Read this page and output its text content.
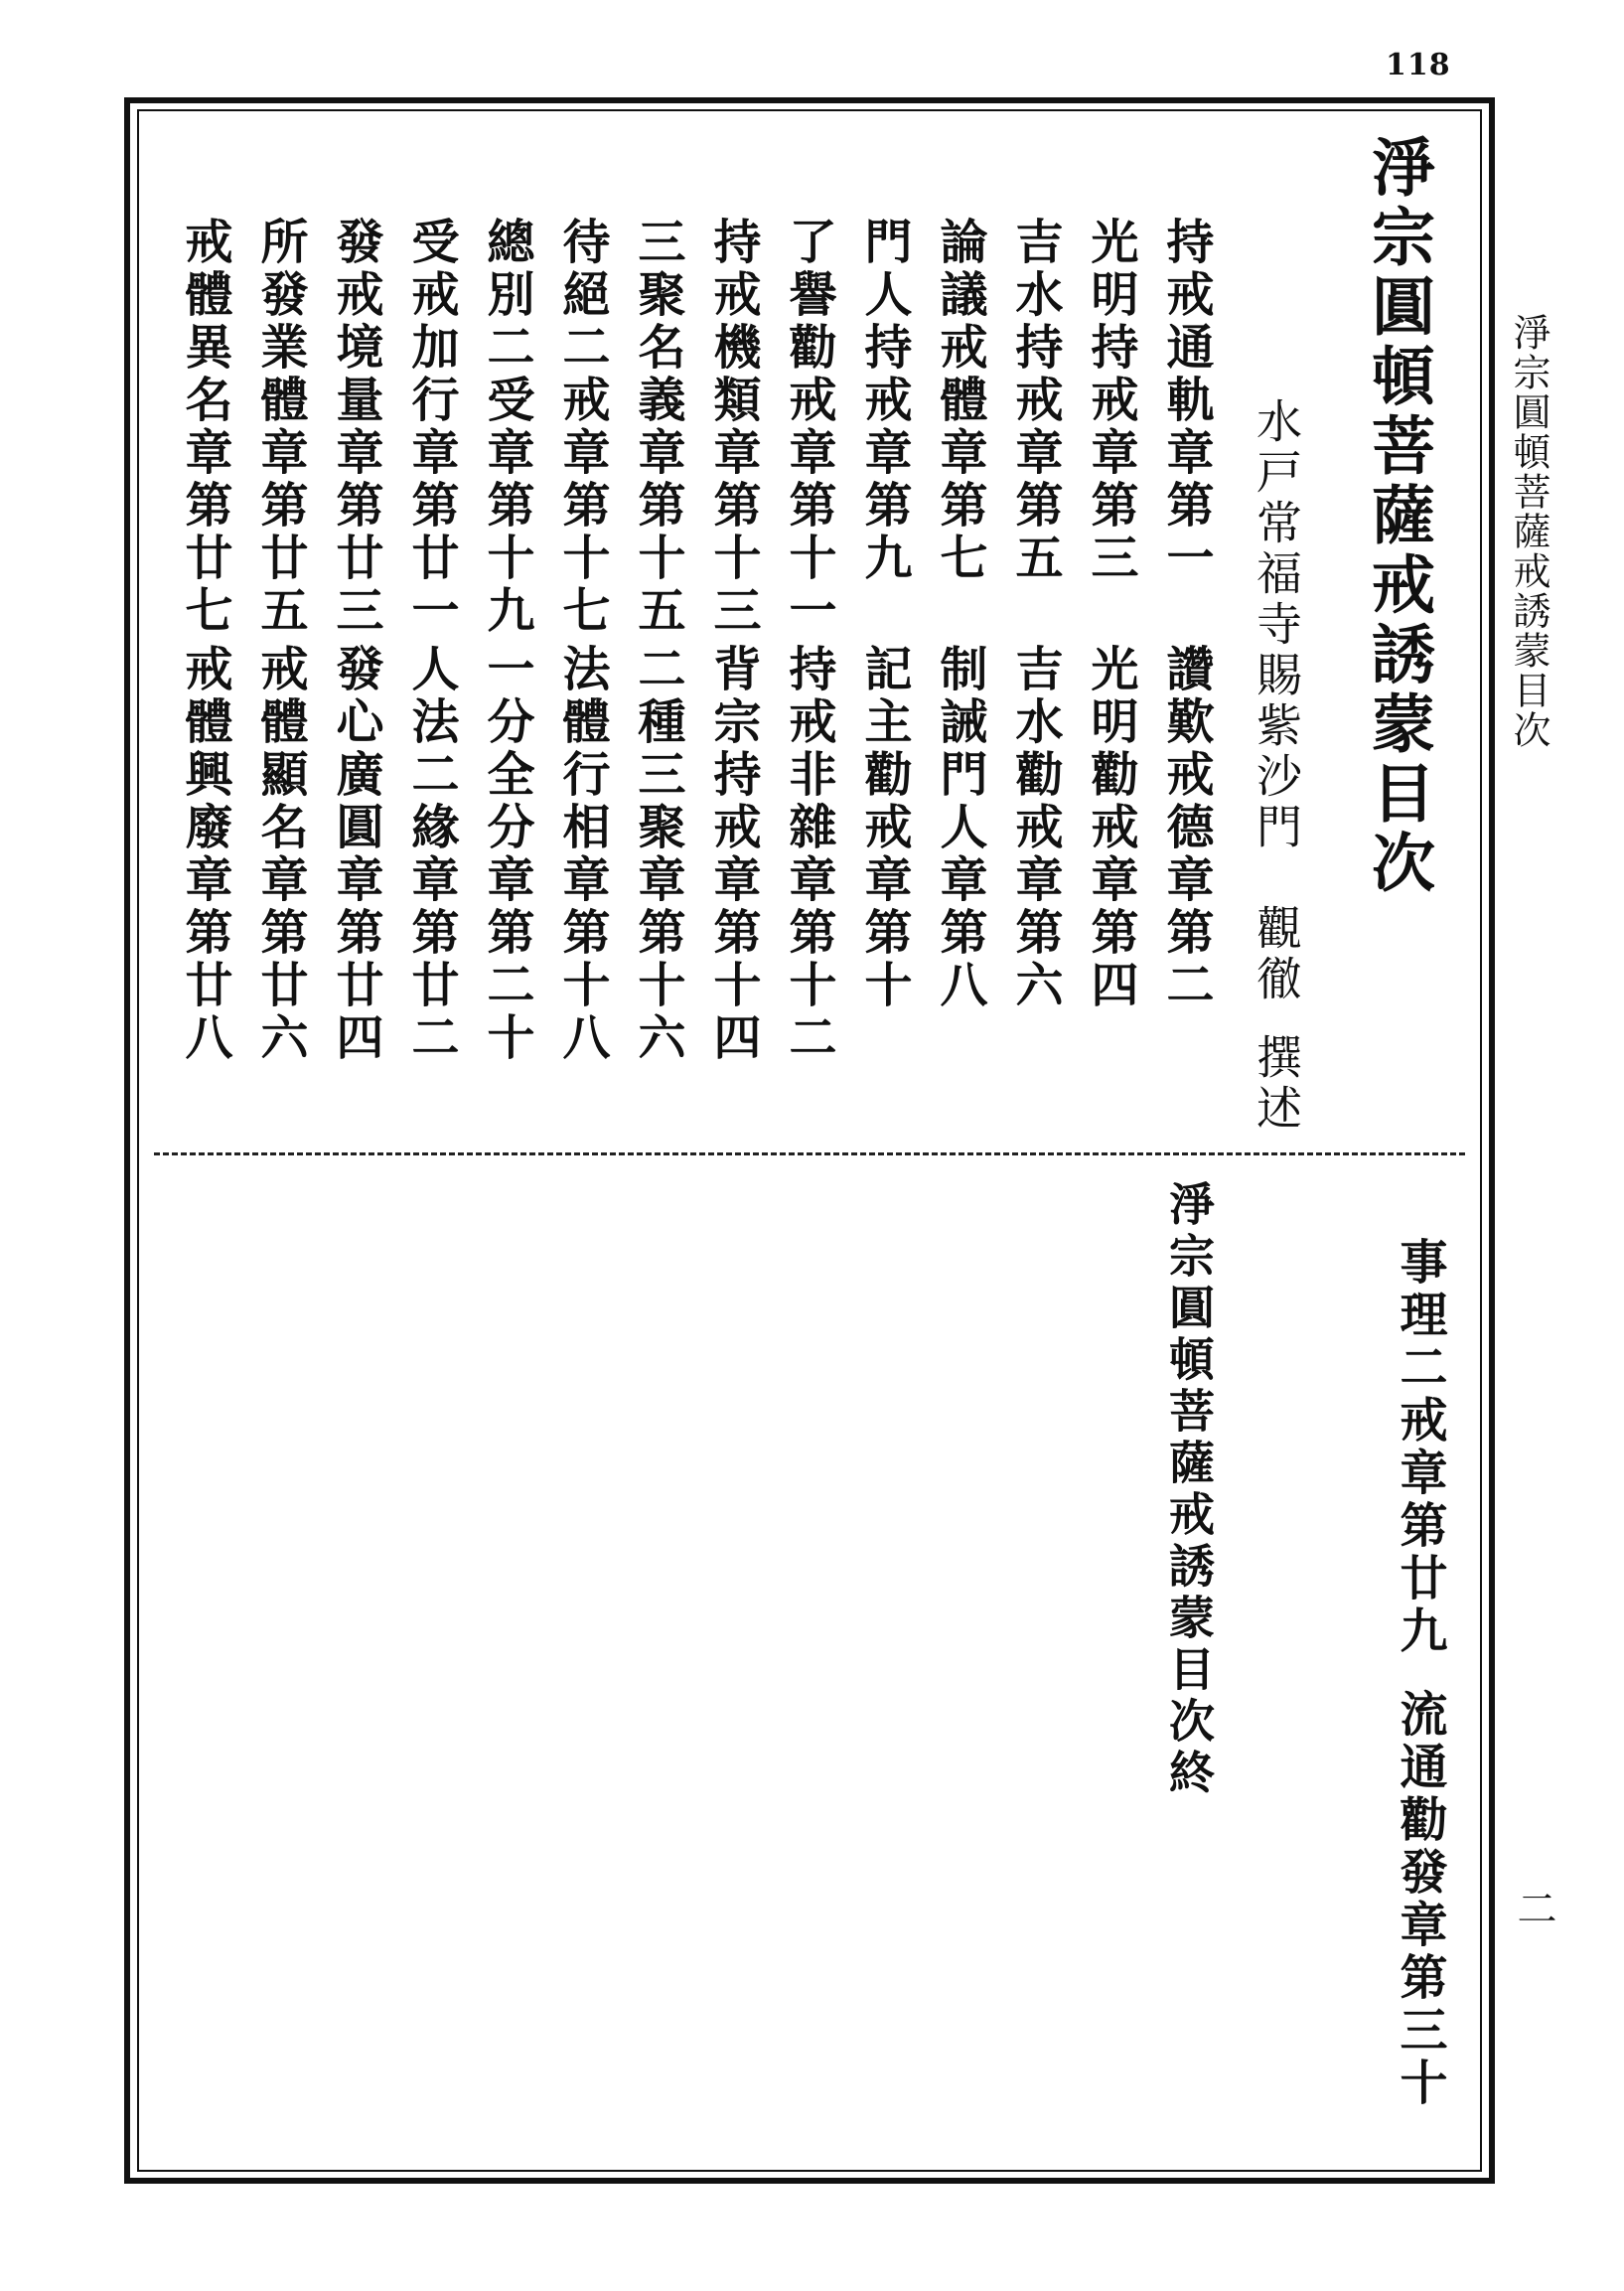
118
淨宗圓頓菩薩戒誘蒙目次
二
淨宗圓頓菩薩戒誘蒙目次
水戸常福寺賜紫沙門　觀徹撰述
持戒通軌章第一
讚歎戒德章第二
光明持戒章第三
光明勸戒章第四
吉水持戒章第五
吉水勸戒章第六
論議戒體章第七
制誡門人章第八
門人持戒章第九
記主勸戒章第十
了譽勸戒章第十一
持戒非雜章第十二
持戒機類章第十三
背宗持戒章第十四
三聚名義章第十五
二種三聚章第十六
待絕二戒章第十七
法體行相章第十八
總別二受章第十九
一分全分章第二十
受戒加行章第廿一
人法二緣章第廿二
發戒境量章第廿三
發心廣圓章第廿四
所發業體章第廿五
戒體顯名章第廿六
戒體異名章第廿七
戒體興廢章第廿八
事理二戒章第廿九
流通勸發章第三十
淨宗圓頓菩薩戒誘蒙目次終
